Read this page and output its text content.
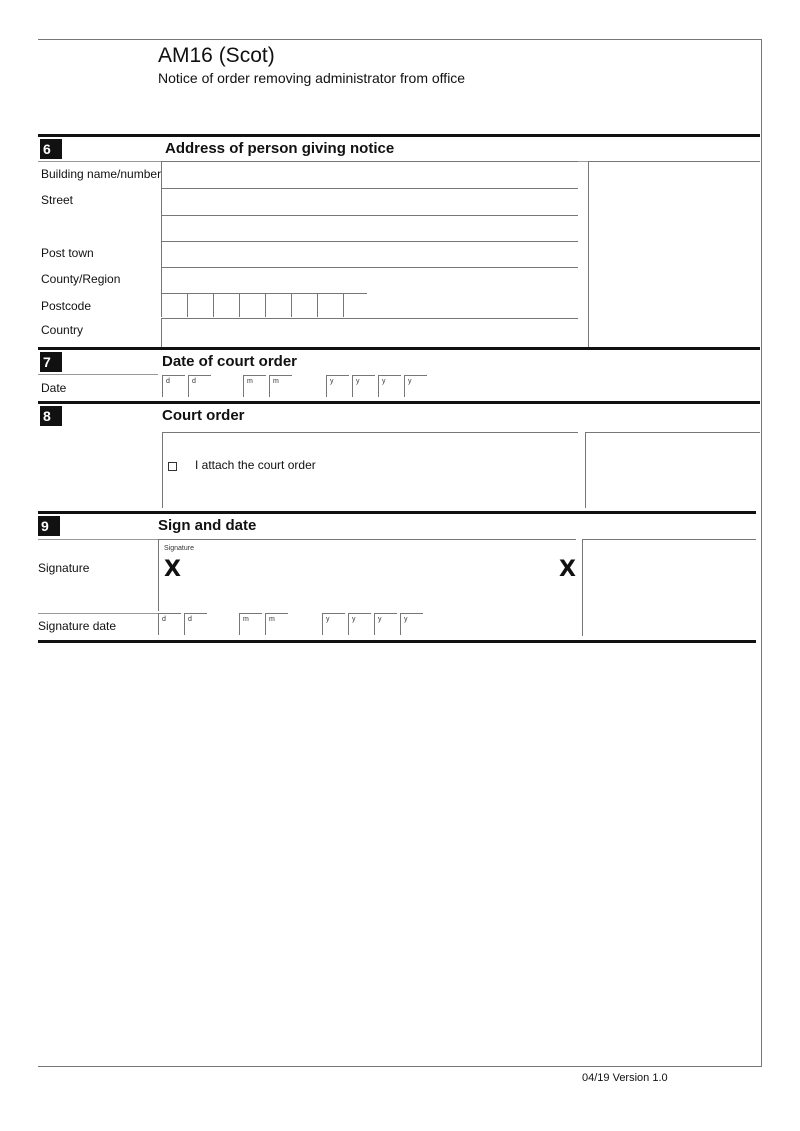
AM16 (Scot)
Notice of order removing administrator from office
6	Address of person giving notice
Building name/number
Street
Post town
County/Region
Postcode
Country
7	Date of court order
Date	d	d	m	m	y	y	y	y
8	Court order
I attach the court order
9	Sign and date
Signature
Signature
X	X
Signature date	d	d	m	m	y	y	y	y
04/19 Version 1.0
